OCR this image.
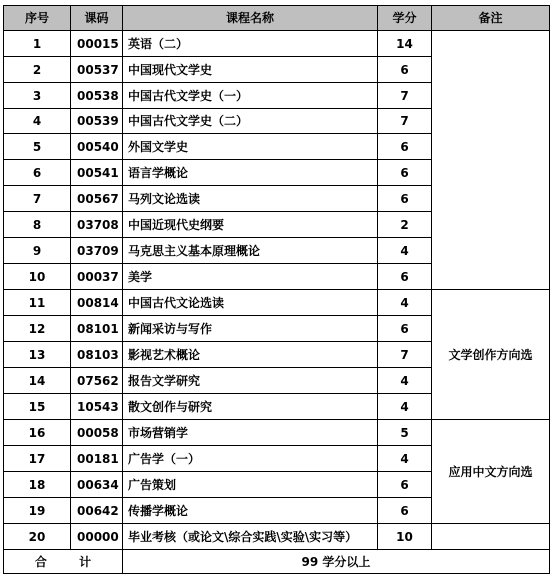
序号	课码	课程名称	学分	备注
1	00015	英语（二）	14	
2	00537	中国现代文学史	6	
3	00538	中国古代文学史（一）	7	
4	00539	中国古代文学史（二）	7	
5	00540	外国文学史	6	
6	00541	语言学概论	6	
7	00567	马列文论选读	6	
8	03708	中国近现代史纲要	2	
9	03709	马克思主义基本原理概论	4	
10	00037	美学	6	
11	00814	中国古代文论选读	4	文学创作方向选
12	08101	新闻采访与写作	6	
13	08103	影视艺术概论	7	
14	07562	报告文学研究	4	
15	10543	散文创作与研究	4	
16	00058	市场营销学	5	应用中文方向选
17	00181	广告学（一）	4	
18	00634	广告策划	6	
19	00642	传播学概论	6	
20	00000	毕业考核（或论文\综合实践\实验\实习等）	10	
合 计		99 学分以上		
